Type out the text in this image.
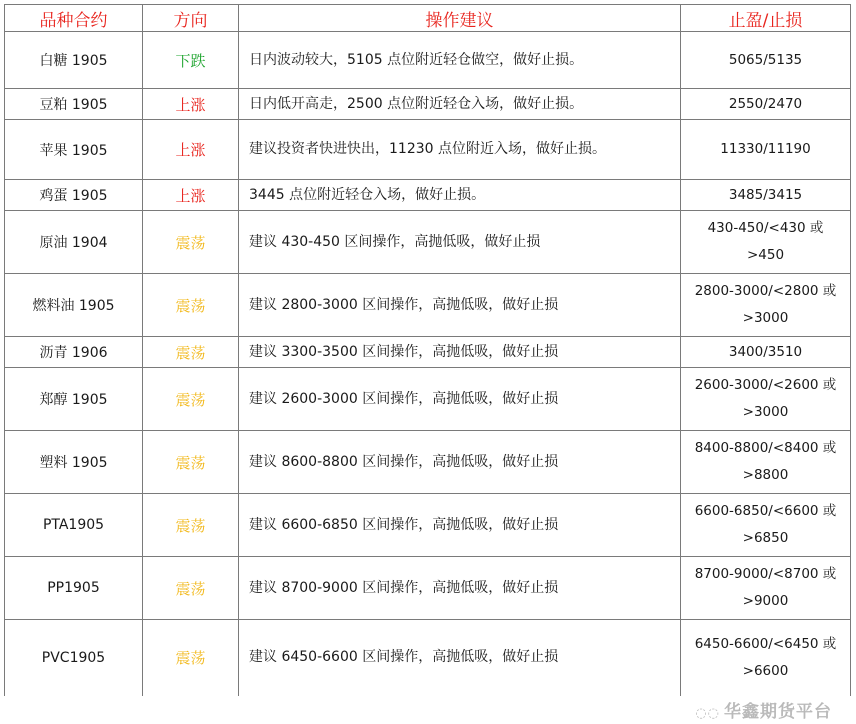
品种合约	方向	操作建议	止盈/止损
白糖 1905	下跌	日内波动较大，5105 点位附近轻仓做空，做好止损。	5065/5135
豆粕 1905	上涨	日内低开高走，2500 点位附近轻仓入场，做好止损。	2550/2470
苹果 1905	上涨	建议投资者快进快出，11230 点位附近入场，做好止损。	11330/11190
鸡蛋 1905	上涨	3445 点位附近轻仓入场，做好止损。	3485/3415
原油 1904	震荡	建议 430-450 区间操作，高抛低吸，做好止损	430-450/<430 或>450
燃料油 1905	震荡	建议 2800-3000 区间操作，高抛低吸，做好止损	2800-3000/<2800 或>3000
沥青 1906	震荡	建议 3300-3500 区间操作，高抛低吸，做好止损	3400/3510
郑醇 1905	震荡	建议 2600-3000 区间操作，高抛低吸，做好止损	2600-3000/<2600 或>3000
塑料 1905	震荡	建议 8600-8800 区间操作，高抛低吸，做好止损	8400-8800/<8400 或>8800
PTA1905	震荡	建议 6600-6850 区间操作，高抛低吸，做好止损	6600-6850/<6600 或>6850
PP1905	震荡	建议 8700-9000 区间操作，高抛低吸，做好止损	8700-9000/<8700 或>9000
PVC1905	震荡	建议 6450-6600 区间操作，高抛低吸，做好止损	6450-6600/<6450 或>6600
◌◌ 华鑫期货平台
